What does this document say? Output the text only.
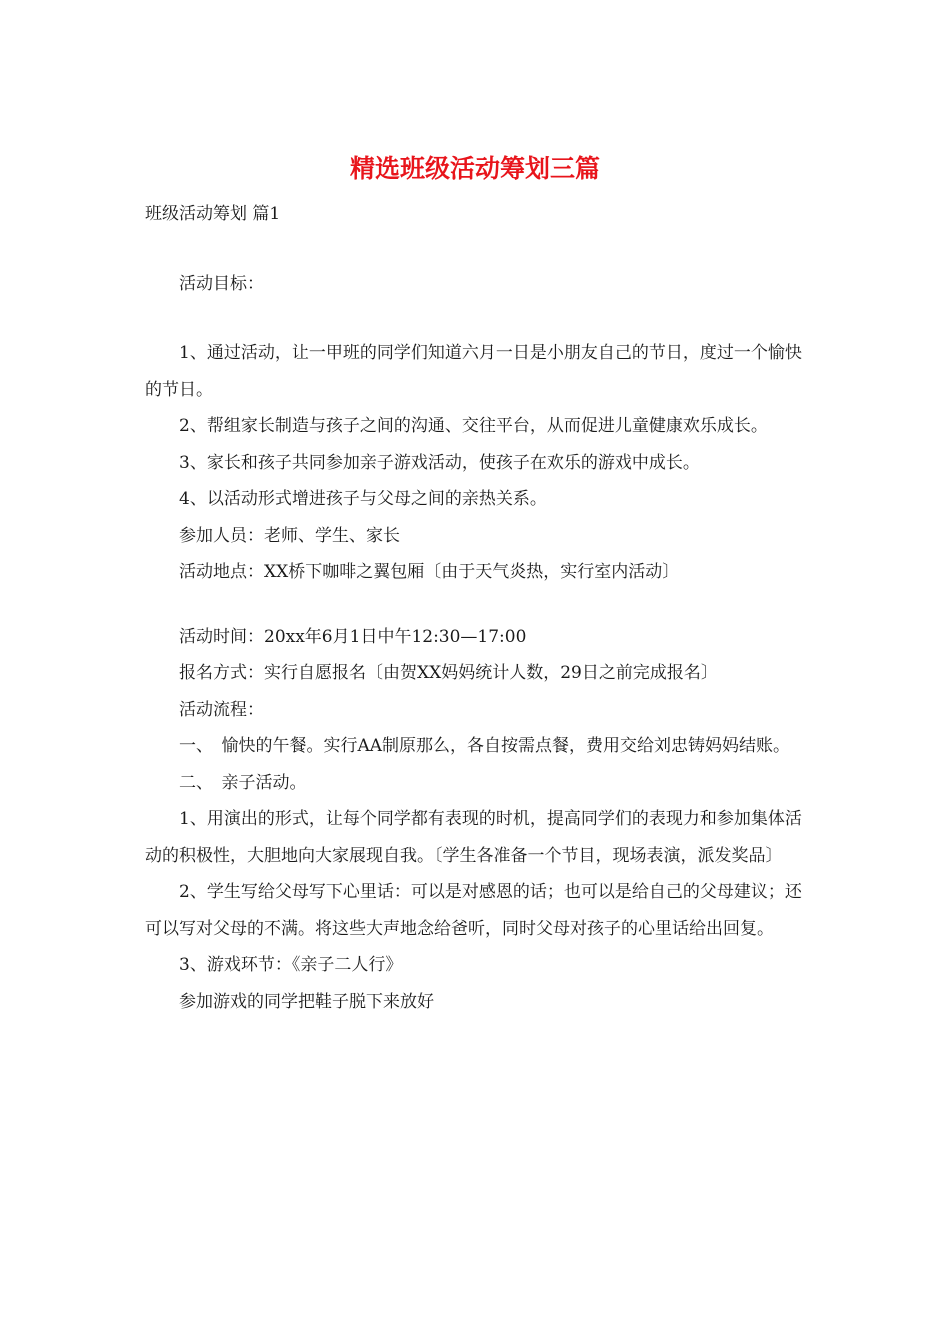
精选班级活动筹划三篇

班级活动筹划 篇1

活动目标：

1、通过活动，让一甲班的同学们知道六月一日是小朋友自己的节日，度过一个愉快的节日。

2、帮组家长制造与孩子之间的沟通、交往平台，从而促进儿童健康欢乐成长。

3、家长和孩子共同参加亲子游戏活动，使孩子在欢乐的游戏中成长。

4、以活动形式增进孩子与父母之间的亲热关系。

参加人员：老师、学生、家长

活动地点：XX桥下咖啡之翼包厢〔由于天气炎热，实行室内活动〕

活动时间：20xx年6月1日中午12:30—17:00

报名方式：实行自愿报名〔由贺XX妈妈统计人数，29日之前完成报名〕

活动流程：

一、　愉快的午餐。实行AA制原那么，各自按需点餐，费用交给刘忠铸妈妈结账。

二、　亲子活动。

1、用演出的形式，让每个同学都有表现的时机，提高同学们的表现力和参加集体活动的积极性，大胆地向大家展现自我。〔学生各准备一个节目，现场表演，派发奖品〕

2、学生写给父母写下心里话：可以是对感恩的话；也可以是给自己的父母建议；还可以写对父母的不满。将这些大声地念给爸听，同时父母对孩子的心里话给出回复。

3、游戏环节：《亲子二人行》

参加游戏的同学把鞋子脱下来放好
